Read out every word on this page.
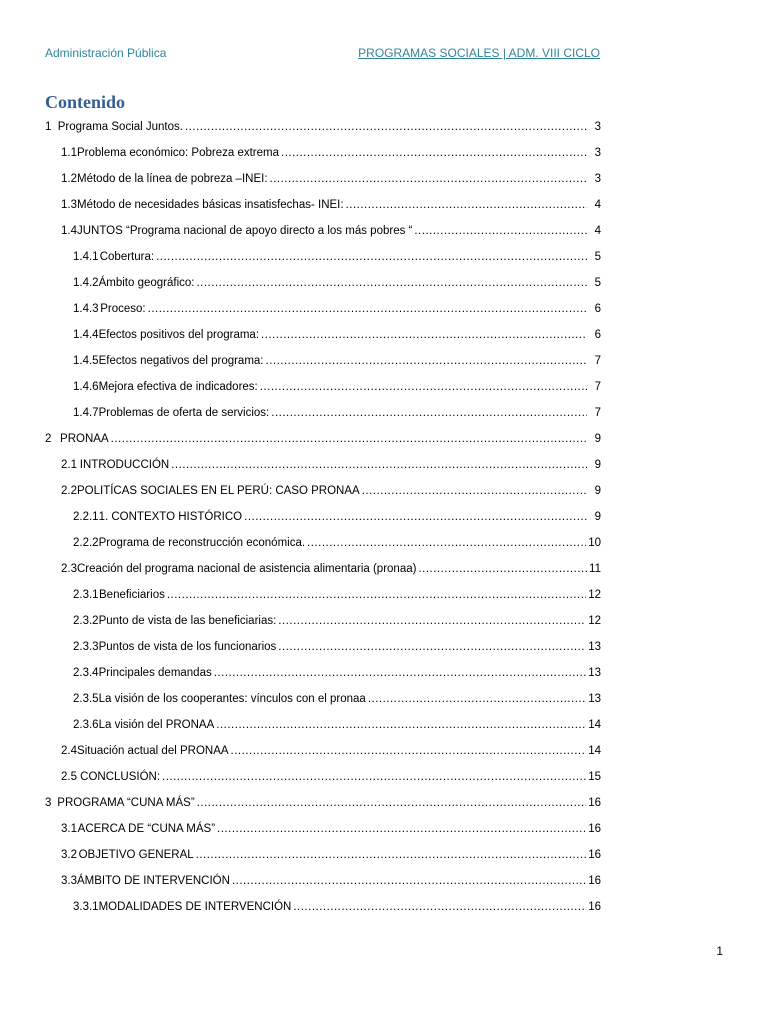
Administración Pública	PROGRAMAS SOCIALES | ADM. VIII CICLO
Contenido
1 Programa Social Juntos. .....	3
1.1 Problema económico: Pobreza extrema .....	3
1.2 Método de la línea de pobreza –INEI: .....	3
1.3 Método de necesidades básicas insatisfechas- INEI: .....	4
1.4 JUNTOS “Programa nacional de apoyo directo a los más pobres “ .....	4
1.4.1 Cobertura: .....	5
1.4.2 Ámbito geográfico: .....	5
1.4.3 Proceso: .....	6
1.4.4 Efectos positivos del programa: .....	6
1.4.5 Efectos negativos del programa: .....	7
1.4.6 Mejora efectiva de indicadores: .....	7
1.4.7 Problemas de oferta de servicios: .....	7
2 PRONAA .....	9
2.1 INTRODUCCIÓN .....	9
2.2 POLITÍCAS SOCIALES EN EL PERÚ: CASO PRONAA .....	9
2.2.1 1. CONTEXTO HISTÓRICO .....	9
2.2.2 Programa de reconstrucción económica. .....	10
2.3 Creación del programa nacional de asistencia alimentaria (pronaa) .....	11
2.3.1 Beneficiarios .....	12
2.3.2 Punto de vista de las beneficiarias: .....	12
2.3.3 Puntos de vista de los funcionarios .....	13
2.3.4 Principales demandas .....	13
2.3.5 La visión de los cooperantes: vínculos con el pronaa .....	13
2.3.6 La visión del PRONAA .....	14
2.4 Situación actual del PRONAA .....	14
2.5 CONCLUSIÓN: .....	15
3 PROGRAMA “CUNA MÁS” .....	16
3.1 ACERCA DE “CUNA MÁS” .....	16
3.2 OBJETIVO GENERAL .....	16
3.3 ÁMBITO DE INTERVENCIÓN .....	16
3.3.1 MODALIDADES DE INTERVENCIÓN .....	16
1
